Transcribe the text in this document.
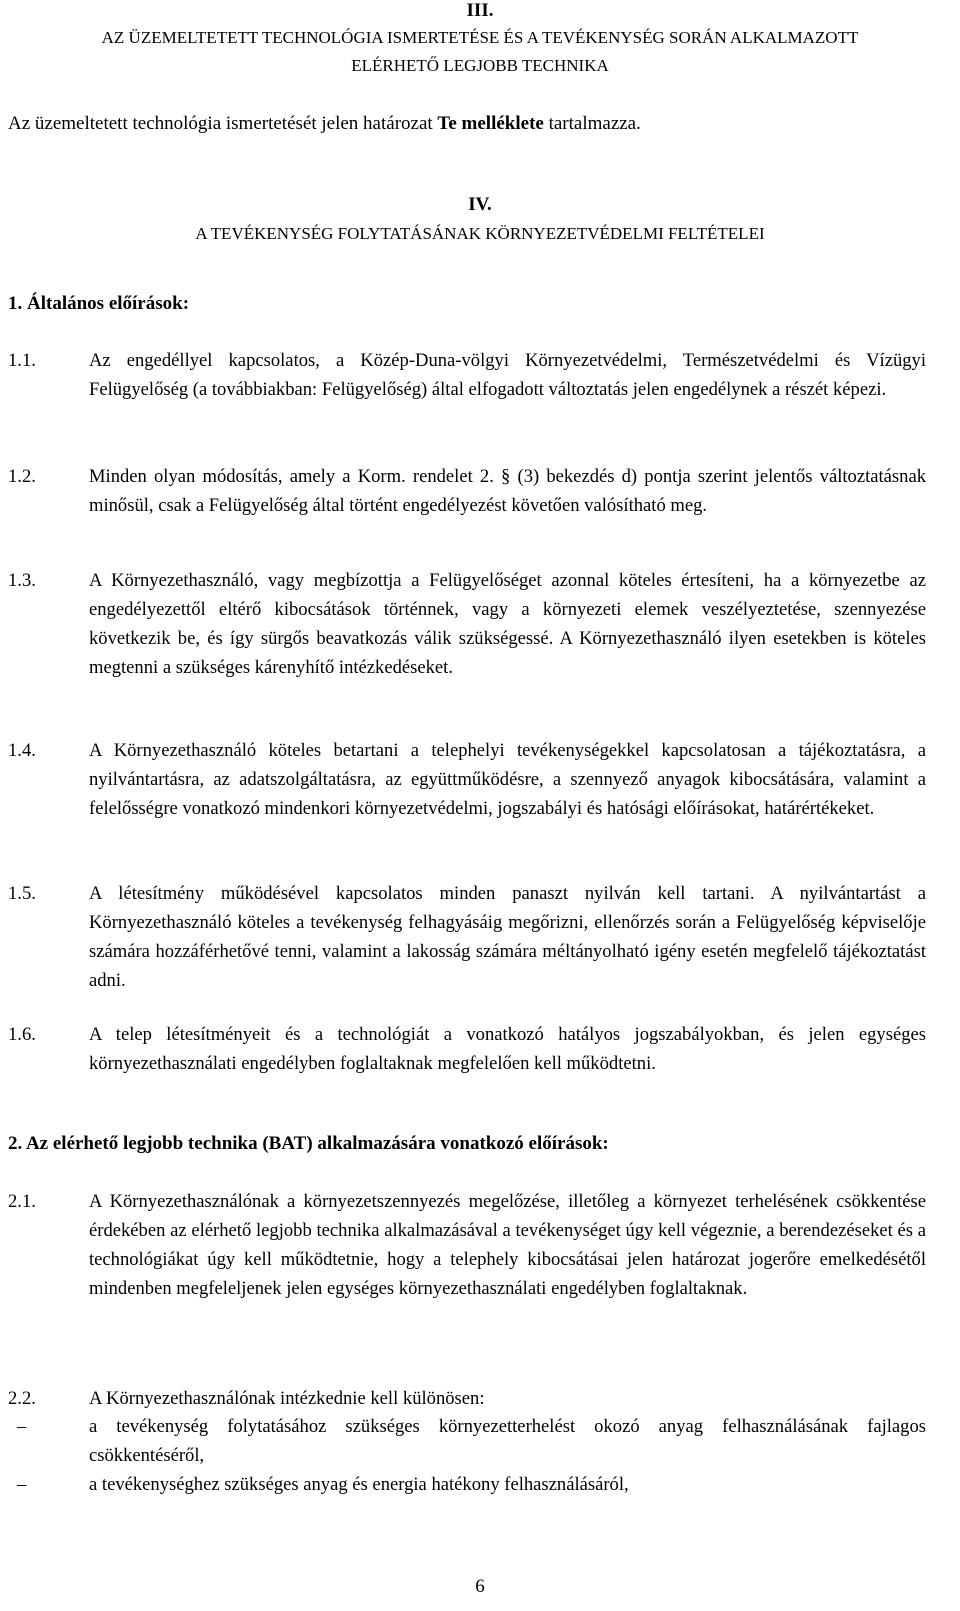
III.
AZ ÜZEMELTETETT TECHNOLÓGIA ISMERTETÉSE ÉS A TEVÉKENYSÉG SORÁN ALKALMAZOTT
ELÉRHETŐ LEGJOBB TECHNIKA
Az üzemeltetett technológia ismertetését jelen határozat Te melléklete tartalmazza.
IV.
A TEVÉKENYSÉG FOLYTATÁSÁNAK KÖRNYEZETVÉDELMI FELTÉTELEI
1. Általános előírások:
1.1.	Az engedéllyel kapcsolatos, a Közép-Duna-völgyi Környezetvédelmi, Természetvédelmi és Vízügyi Felügyelőség (a továbbiakban: Felügyelőség) által elfogadott változtatás jelen engedélynek a részét képezi.
1.2.	Minden olyan módosítás, amely a Korm. rendelet 2. § (3) bekezdés d) pontja szerint jelentős változtatásnak minősül, csak a Felügyelőség által történt engedélyezést követően valósítható meg.
1.3.	A Környezethasználó, vagy megbízottja a Felügyelőséget azonnal köteles értesíteni, ha a környezetbe az engedélyezettől eltérő kibocsátások történnek, vagy a környezeti elemek veszélyeztetése, szennyezése következik be, és így sürgős beavatkozás válik szükségessé. A Környezethasználó ilyen esetekben is köteles megtenni a szükséges kárenyhítő intézkedéseket.
1.4.	A Környezethasználó köteles betartani a telephelyi tevékenységekkel kapcsolatosan a tájékoztatásra, a nyilvántartásra, az adatszolgáltatásra, az együttműködésre, a szennyező anyagok kibocsátására, valamint a felelősségre vonatkozó mindenkori környezetvédelmi, jogszabályi és hatósági előírásokat, határértékeket.
1.5.	A létesítmény működésével kapcsolatos minden panaszt nyilván kell tartani. A nyilvántartást a Környezethasználó köteles a tevékenység felhagyásáig megőrizni, ellenőrzés során a Felügyelőség képviselője számára hozzáférhetővé tenni, valamint a lakosság számára méltányolható igény esetén megfelelő tájékoztatást adni.
1.6.	A telep létesítményeit és a technológiát a vonatkozó hatályos jogszabályokban, és jelen egységes környezethasználati engedélyben foglaltaknak megfelelően kell működtetni.
2. Az elérhető legjobb technika (BAT) alkalmazására vonatkozó előírások:
2.1.	A Környezethasználónak a környezetszennyezés megelőzése, illetőleg a környezet terhelésének csökkentése érdekében az elérhető legjobb technika alkalmazásával a tevékenységet úgy kell végeznie, a berendezéseket és a technológiákat úgy kell működtetnie, hogy a telephely kibocsátásai jelen határozat jogerőre emelkedésétől mindenben megfeleljenek jelen egységes környezethasználati engedélyben foglaltaknak.
2.2.	A Környezethasználónak intézkednie kell különösen:
–	a tevékenység folytatásához szükséges környezetterhelést okozó anyag felhasználásának fajlagos csökkentéséről,
–	a tevékenységhez szükséges anyag és energia hatékony felhasználásáról,
6
